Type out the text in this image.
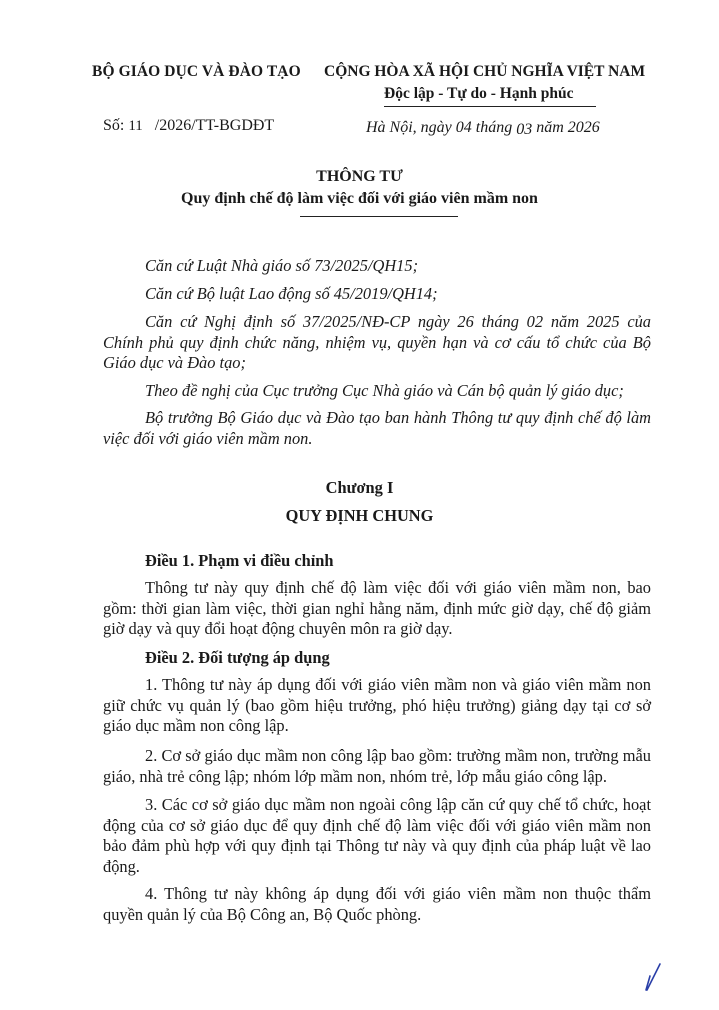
BỘ GIÁO DỤC VÀ ĐÀO TẠO CỘNG HÒA XÃ HỘI CHỦ NGHĨA VIỆT NAM
Độc lập - Tự do - Hạnh phúc
Số: 11 /2026/TT-BGDĐT	Hà Nội, ngày 04 tháng 03 năm 2026
THÔNG TƯ
Quy định chế độ làm việc đối với giáo viên mầm non
Căn cứ Luật Nhà giáo số 73/2025/QH15;
Căn cứ Bộ luật Lao động số 45/2019/QH14;
Căn cứ Nghị định số 37/2025/NĐ-CP ngày 26 tháng 02 năm 2025 của Chính phủ quy định chức năng, nhiệm vụ, quyền hạn và cơ cấu tổ chức của Bộ Giáo dục và Đào tạo;
Theo đề nghị của Cục trưởng Cục Nhà giáo và Cán bộ quản lý giáo dục;
Bộ trưởng Bộ Giáo dục và Đào tạo ban hành Thông tư quy định chế độ làm việc đối với giáo viên mầm non.
Chương I
QUY ĐỊNH CHUNG
Điều 1. Phạm vi điều chỉnh
Thông tư này quy định chế độ làm việc đối với giáo viên mầm non, bao gồm: thời gian làm việc, thời gian nghỉ hằng năm, định mức giờ dạy, chế độ giảm giờ dạy và quy đổi hoạt động chuyên môn ra giờ dạy.
Điều 2. Đối tượng áp dụng
1. Thông tư này áp dụng đối với giáo viên mầm non và giáo viên mầm non giữ chức vụ quản lý (bao gồm hiệu trưởng, phó hiệu trưởng) giảng dạy tại cơ sở giáo dục mầm non công lập.
2. Cơ sở giáo dục mầm non công lập bao gồm: trường mầm non, trường mẫu giáo, nhà trẻ công lập; nhóm lớp mầm non, nhóm trẻ, lớp mẫu giáo công lập.
3. Các cơ sở giáo dục mầm non ngoài công lập căn cứ quy chế tổ chức, hoạt động của cơ sở giáo dục để quy định chế độ làm việc đối với giáo viên mầm non bảo đảm phù hợp với quy định tại Thông tư này và quy định của pháp luật về lao động.
4. Thông tư này không áp dụng đối với giáo viên mầm non thuộc thẩm quyền quản lý của Bộ Công an, Bộ Quốc phòng.
